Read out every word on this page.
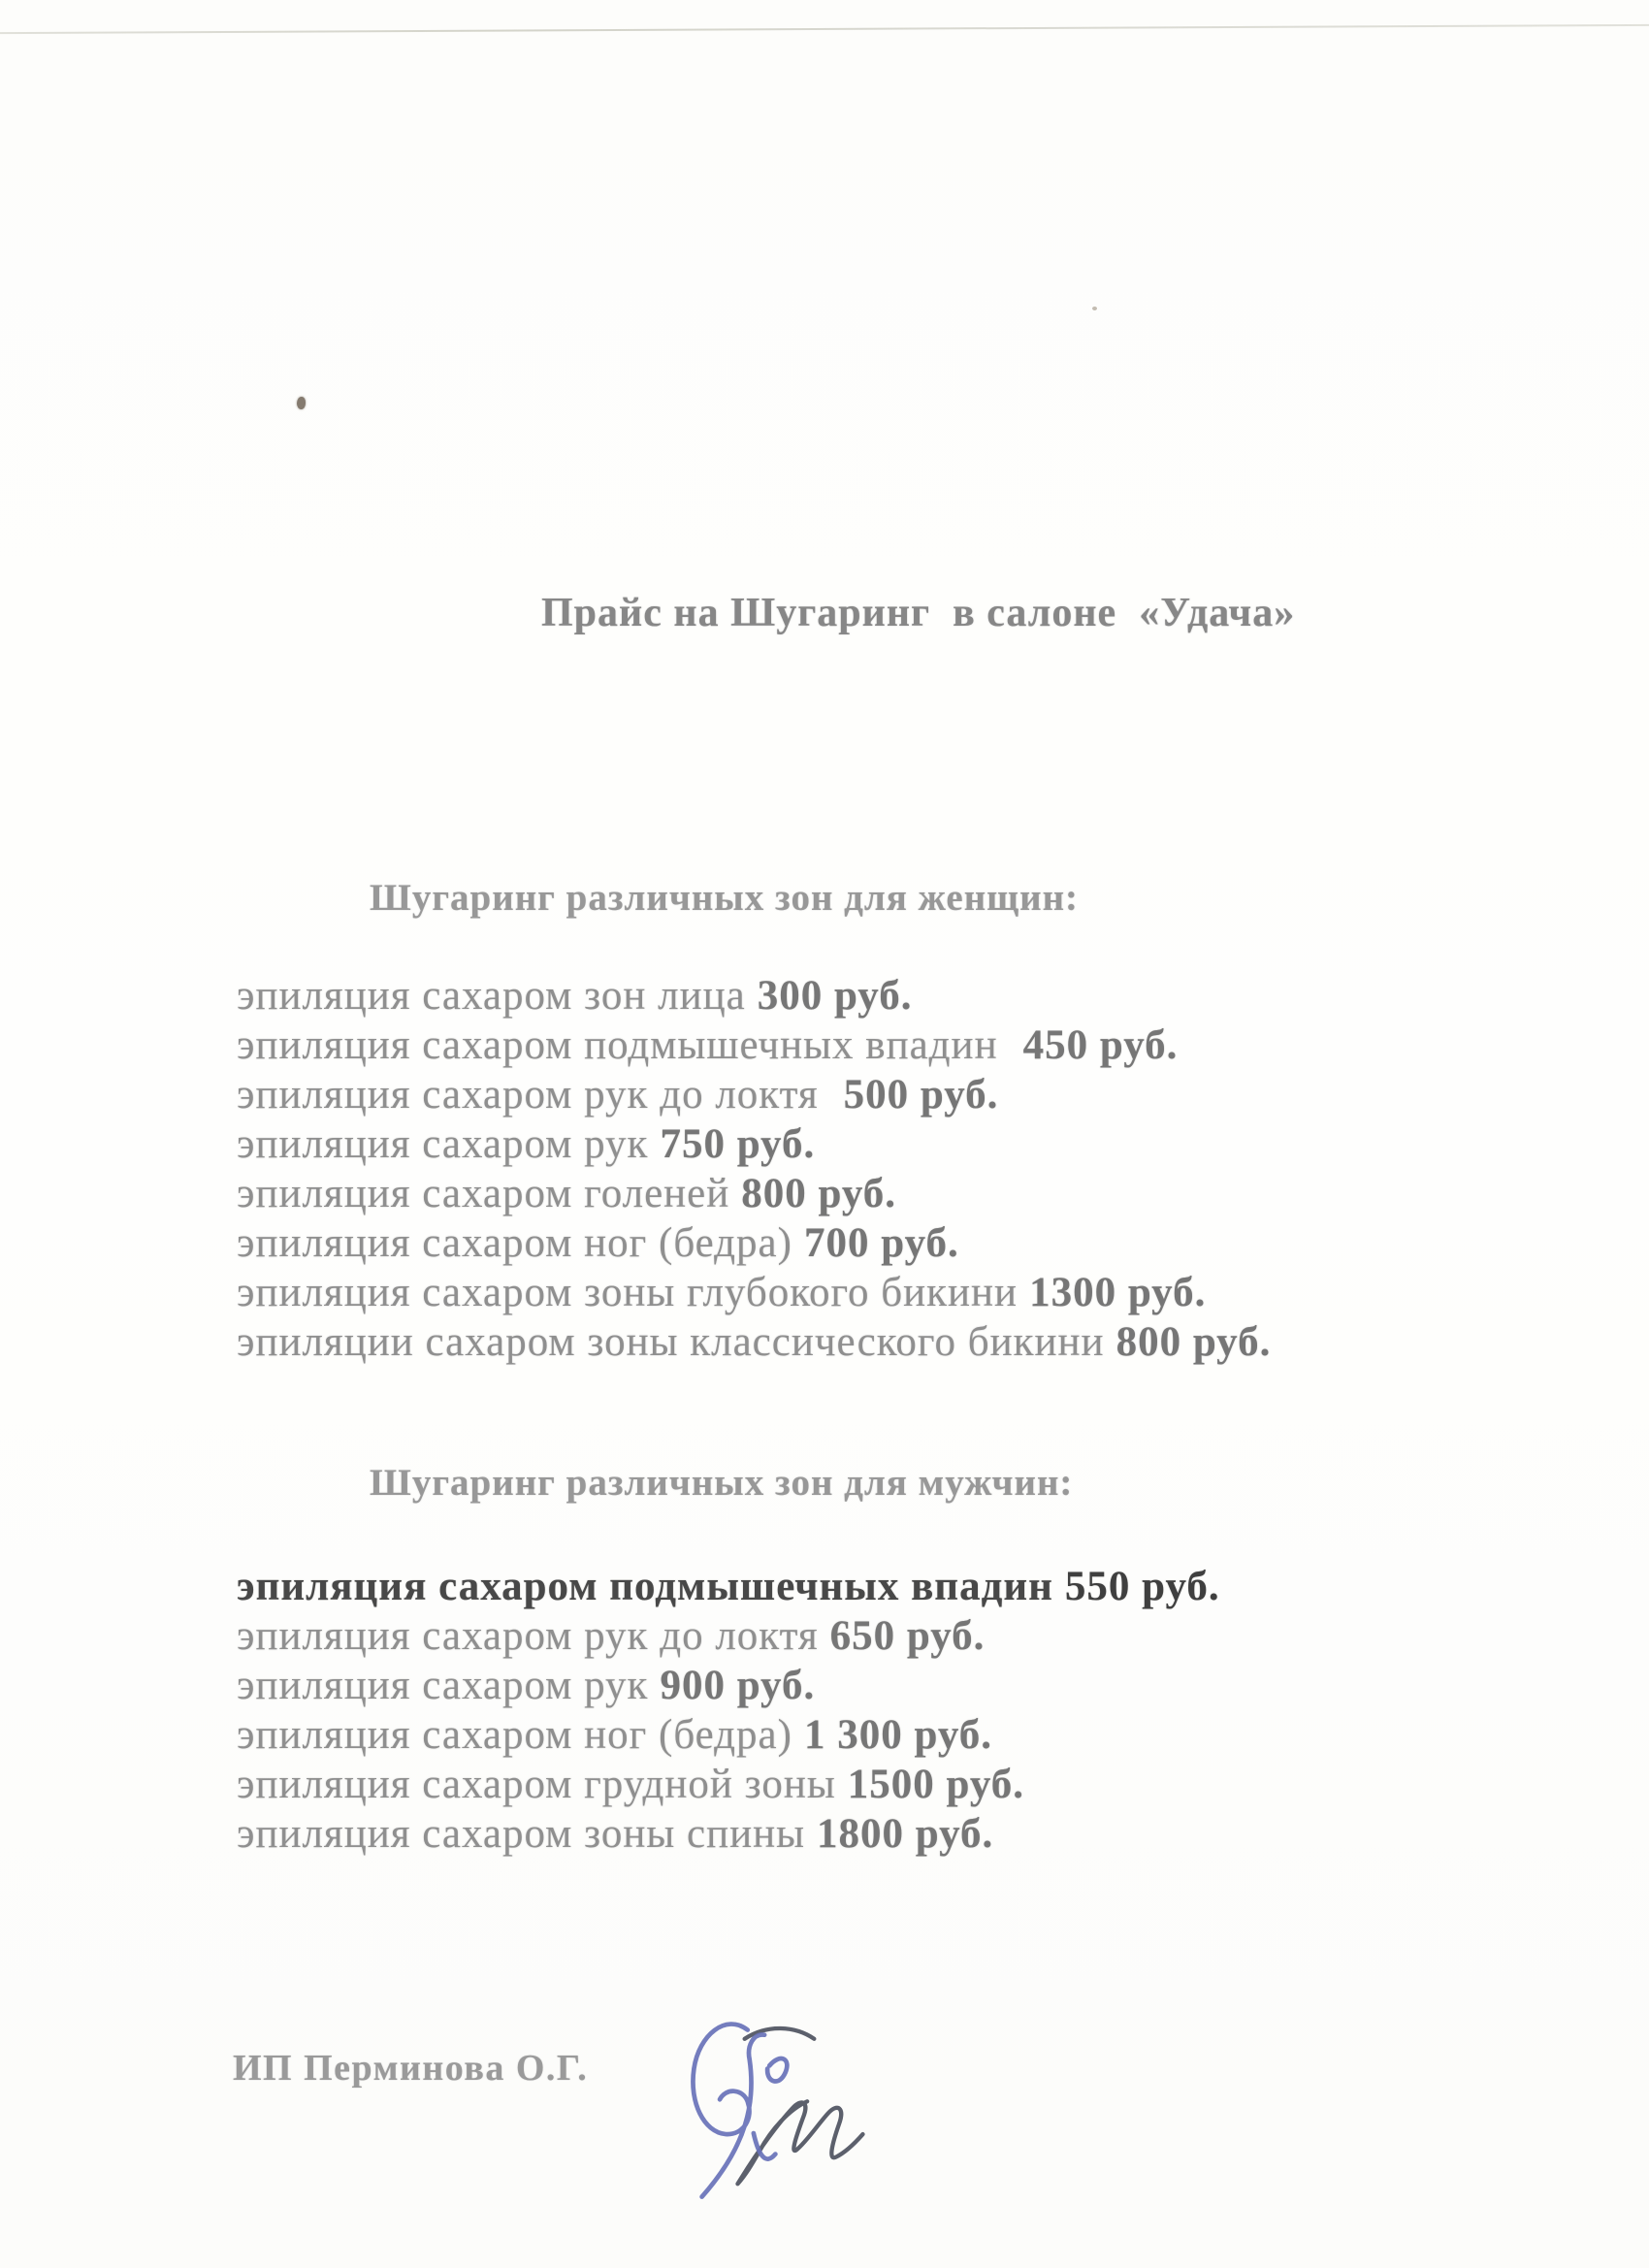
Прайс на Шугаринг  в салоне  «Удача»
Шугаринг различных зон для женщин:
эпиляция сахаром зон лица 300 руб.
эпиляция сахаром подмышечных впадин 450 руб.
эпиляция сахаром рук до локтя 500 руб.
эпиляция сахаром рук 750 руб.
эпиляция сахаром голеней 800 руб.
эпиляция сахаром ног (бедра) 700 руб.
эпиляция сахаром зоны глубокого бикини 1300 руб.
эпиляции сахаром зоны классического бикини 800 руб.
Шугаринг различных зон для мужчин:
эпиляция сахаром подмышечных впадин 550 руб.
эпиляция сахаром рук до локтя 650 руб.
эпиляция сахаром рук 900 руб.
эпиляция сахаром ног (бедра) 1 300 руб.
эпиляция сахаром грудной зоны 1500 руб.
эпиляция сахаром зоны спины 1800 руб.
ИП Перминова О.Г.
